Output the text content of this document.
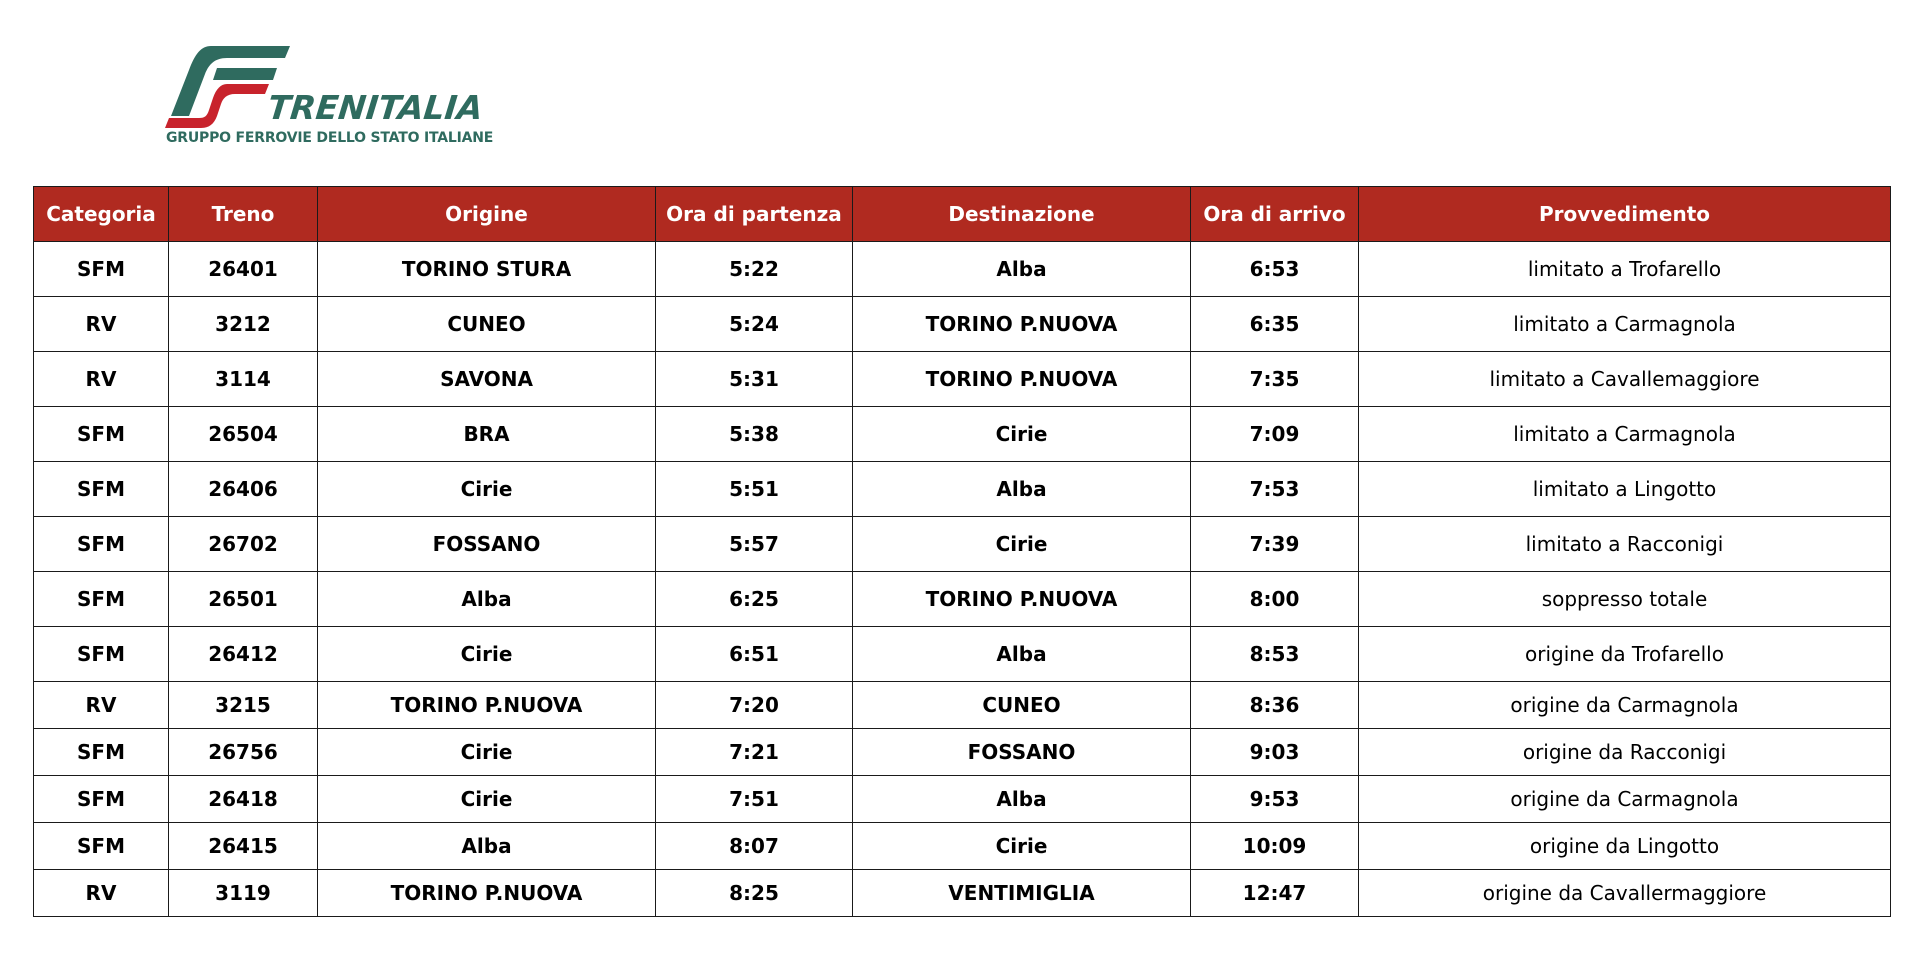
TRENITALIA
GRUPPO FERROVIE DELLO STATO ITALIANE
Categoria	Treno	Origine	Ora di partenza	Destinazione	Ora di arrivo	Provvedimento
SFM	26401	TORINO STURA	5:22	Alba	6:53	limitato a Trofarello
RV	3212	CUNEO	5:24	TORINO P.NUOVA	6:35	limitato a Carmagnola
RV	3114	SAVONA	5:31	TORINO P.NUOVA	7:35	limitato a Cavallemaggiore
SFM	26504	BRA	5:38	Cirie	7:09	limitato a Carmagnola
SFM	26406	Cirie	5:51	Alba	7:53	limitato a Lingotto
SFM	26702	FOSSANO	5:57	Cirie	7:39	limitato a Racconigi
SFM	26501	Alba	6:25	TORINO P.NUOVA	8:00	soppresso totale
SFM	26412	Cirie	6:51	Alba	8:53	origine da Trofarello
RV	3215	TORINO P.NUOVA	7:20	CUNEO	8:36	origine da Carmagnola
SFM	26756	Cirie	7:21	FOSSANO	9:03	origine da Racconigi
SFM	26418	Cirie	7:51	Alba	9:53	origine da Carmagnola
SFM	26415	Alba	8:07	Cirie	10:09	origine da Lingotto
RV	3119	TORINO P.NUOVA	8:25	VENTIMIGLIA	12:47	origine da Cavallermaggiore
